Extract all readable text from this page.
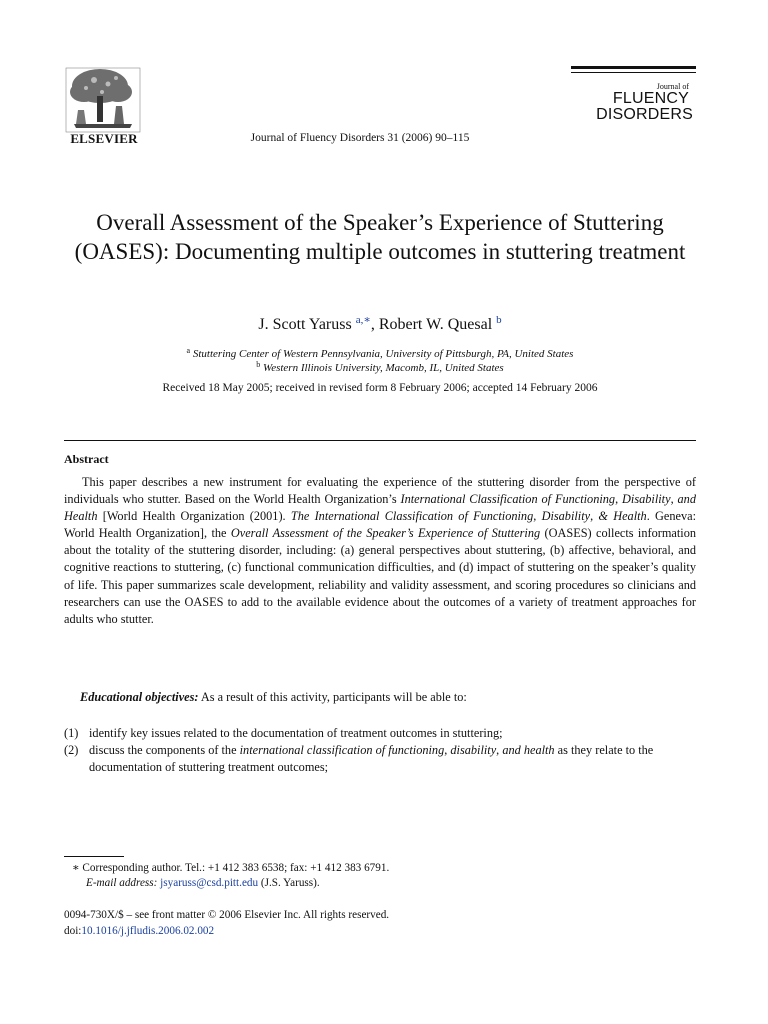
ELSEVIER	Journal of Fluency Disorders 31 (2006) 90–115
Journal of
FLUENCY
DISORDERS
Overall Assessment of the Speaker’s Experience of Stuttering (OASES): Documenting multiple outcomes in stuttering treatment
J. Scott Yaruss $^{a,∗}$, Robert W. Quesal $^b$
$^a$ Stuttering Center of Western Pennsylvania, University of Pittsburgh, PA, United States
$^b$ Western Illinois University, Macomb, IL, United States
Received 18 May 2005; received in revised form 8 February 2006; accepted 14 February 2006
Abstract
This paper describes a new instrument for evaluating the experience of the stuttering disorder from the perspective of individuals who stutter. Based on the World Health Organization’s International Classification of Functioning, Disability, and Health [World Health Organization (2001). The International Classification of Functioning, Disability, & Health. Geneva: World Health Organization], the Overall Assessment of the Speaker’s Experience of Stuttering (OASES) collects information about the totality of the stuttering disorder, including: (a) general perspectives about stuttering, (b) affective, behavioral, and cognitive reactions to stuttering, (c) functional communication difficulties, and (d) impact of stuttering on the speaker’s quality of life. This paper summarizes scale development, reliability and validity assessment, and scoring procedures so clinicians and researchers can use the OASES to add to the available evidence about the outcomes of a variety of treatment approaches for adults who stutter.
Educational objectives: As a result of this activity, participants will be able to:
(1) identify key issues related to the documentation of treatment outcomes in stuttering;
(2) discuss the components of the international classification of functioning, disability, and health as they relate to the documentation of stuttering treatment outcomes;
∗ Corresponding author. Tel.: +1 412 383 6538; fax: +1 412 383 6791.
E-mail address: jsyaruss@csd.pitt.edu (J.S. Yaruss).
0094-730X/$ – see front matter © 2006 Elsevier Inc. All rights reserved.
doi:10.1016/j.jfludis.2006.02.002
